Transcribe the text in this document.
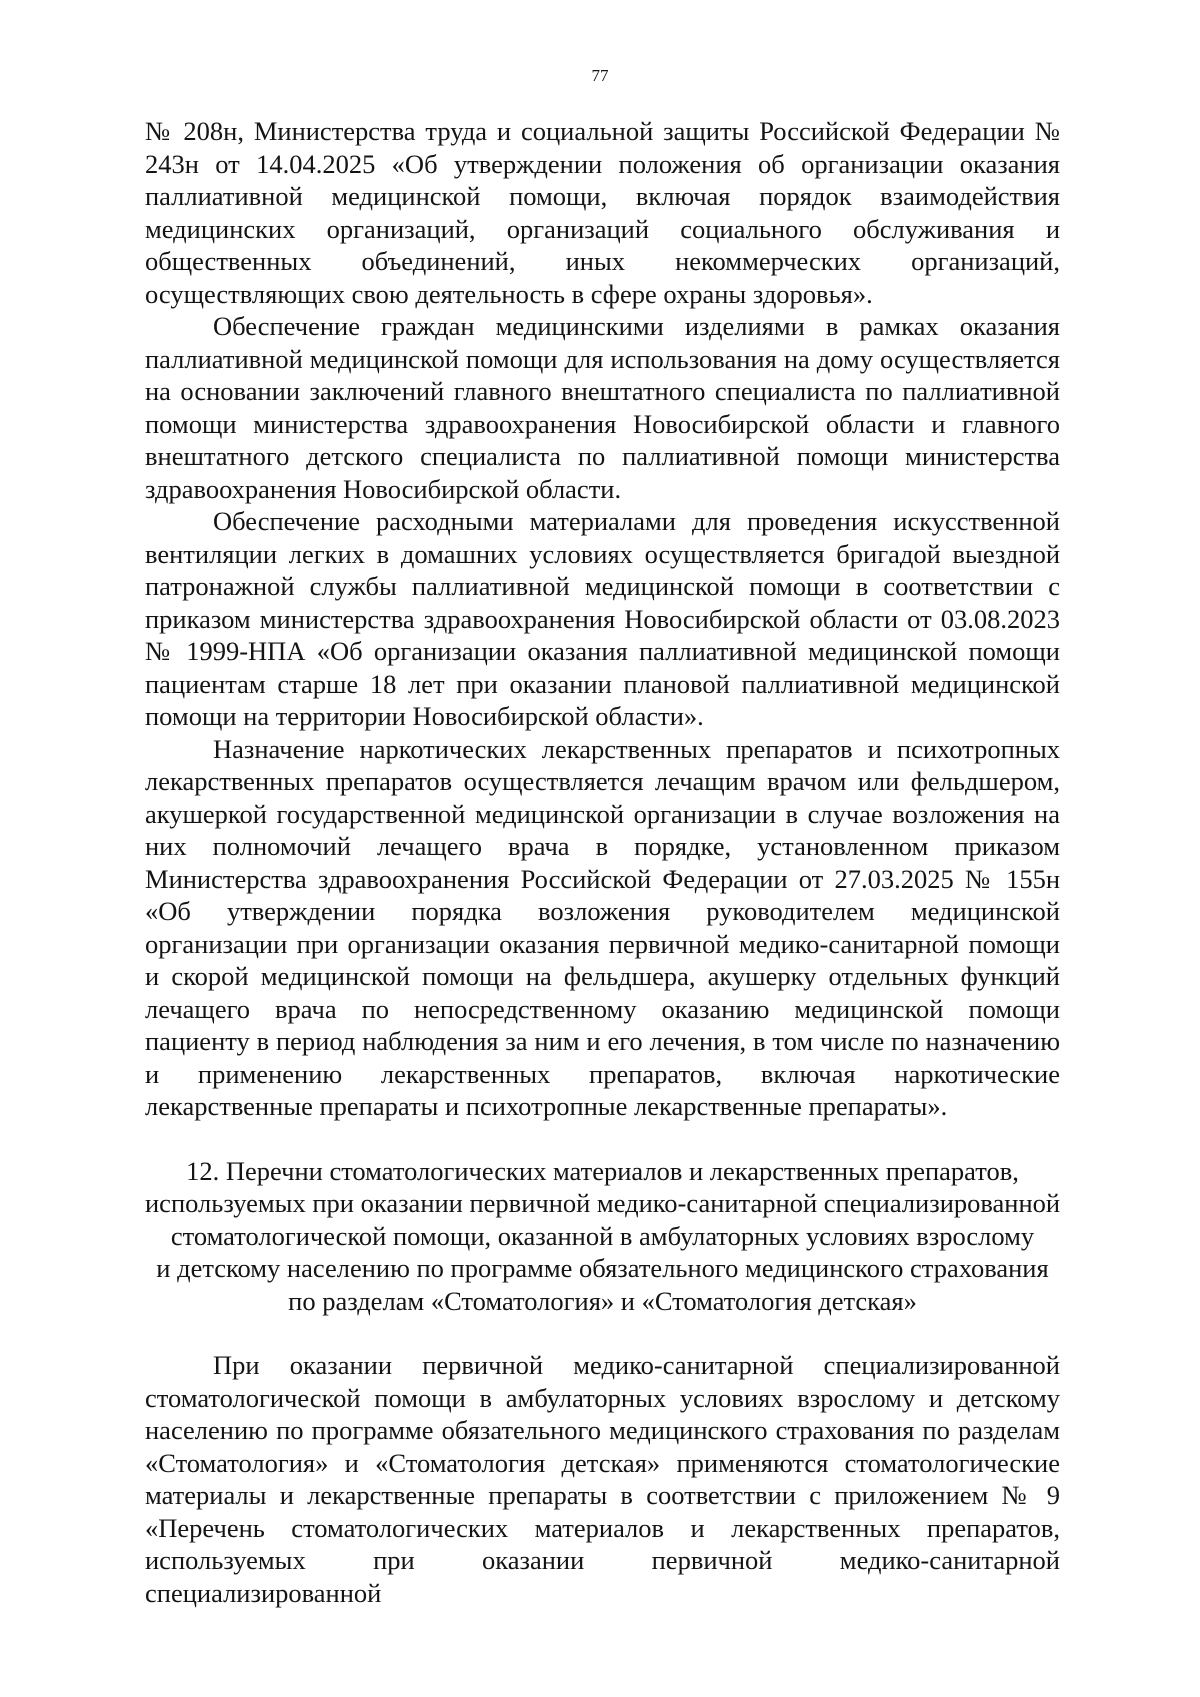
77

№ 208н, Министерства труда и социальной защиты Российской Федерации № 243н от 14.04.2025 «Об утверждении положения об организации оказания паллиативной медицинской помощи, включая порядок взаимодействия медицинских организаций, организаций социального обслуживания и общественных объединений, иных некоммерческих организаций, осуществляющих свою деятельность в сфере охраны здоровья».

Обеспечение граждан медицинскими изделиями в рамках оказания паллиативной медицинской помощи для использования на дому осуществляется на основании заключений главного внештатного специалиста по паллиативной помощи министерства здравоохранения Новосибирской области и главного внештатного детского специалиста по паллиативной помощи министерства здравоохранения Новосибирской области.

Обеспечение расходными материалами для проведения искусственной вентиляции легких в домашних условиях осуществляется бригадой выездной патронажной службы паллиативной медицинской помощи в соответствии с приказом министерства здравоохранения Новосибирской области от 03.08.2023 № 1999-НПА «Об организации оказания паллиативной медицинской помощи пациентам старше 18 лет при оказании плановой паллиативной медицинской помощи на территории Новосибирской области».

Назначение наркотических лекарственных препаратов и психотропных лекарственных препаратов осуществляется лечащим врачом или фельдшером, акушеркой государственной медицинской организации в случае возложения на них полномочий лечащего врача в порядке, установленном приказом Министерства здравоохранения Российской Федерации от 27.03.2025 № 155н «Об утверждении порядка возложения руководителем медицинской организации при организации оказания первичной медико-санитарной помощи и скорой медицинской помощи на фельдшера, акушерку отдельных функций лечащего врача по непосредственному оказанию медицинской помощи пациенту в период наблюдения за ним и его лечения, в том числе по назначению и применению лекарственных препаратов, включая наркотические лекарственные препараты и психотропные лекарственные препараты».

12. Перечни стоматологических материалов и лекарственных препаратов,
используемых при оказании первичной медико-санитарной специализированной
стоматологической помощи, оказанной в амбулаторных условиях взрослому
и детскому населению по программе обязательного медицинского страхования
по разделам «Стоматология» и «Стоматология детская»

При оказании первичной медико-санитарной специализированной стоматологической помощи в амбулаторных условиях взрослому и детскому населению по программе обязательного медицинского страхования по разделам «Стоматология» и «Стоматология детская» применяются стоматологические материалы и лекарственные препараты в соответствии с приложением № 9 «Перечень стоматологических материалов и лекарственных препаратов, используемых при оказании первичной медико-санитарной специализированной
